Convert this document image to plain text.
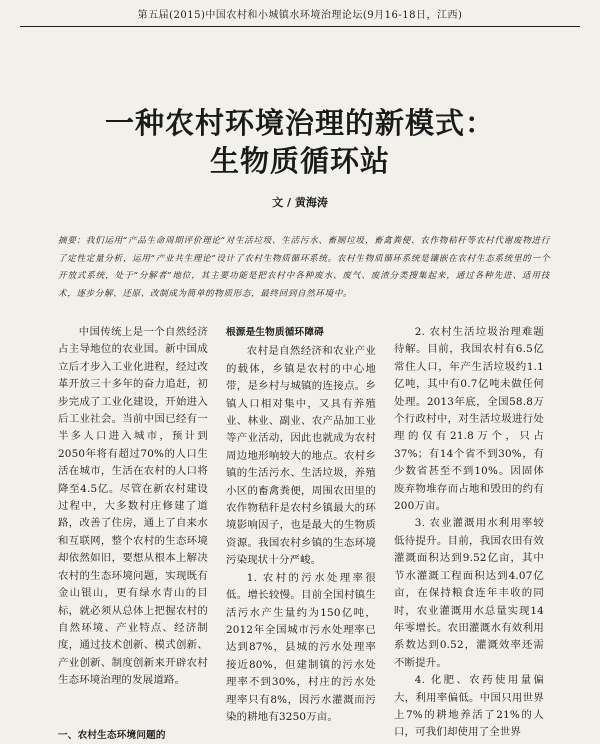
第五届(2015)中国农村和小城镇水环境治理论坛(9月16-18日，江西)
一种农村环境治理的新模式：
生物质循环站
文 / 黄海涛
摘要：我们运用“产品生命周期评价理论”对生活垃圾、生活污水、畜厕垃圾、畜禽粪便、农作物秸秆等农村代谢废物进行了定性定量分析，运用“产业共生理论”设计了农村生物质循环系统。农村生物质循环系统是镶嵌在农村生态系统里的一个开放式系统，处于“分解者”地位，其主要功能是把农村中各种废水、废气、废渣分类搜集起来，通过各种先进、适用技术，逐步分解、还原、改制成为简单的物质形态，最终回到自然环境中。

中国传统上是一个自然经济占主导地位的农业国。新中国成立后才步入工业化进程，经过改革开放三十多年的奋力追赶，初步完成了工业化建设，开始进入后工业社会。当前中国已经有一半多人口进入城市，预计到2050年将有超过70%的人口生活在城市，生活在农村的人口将降至4.5亿。尽管在新农村建设过程中，大多数村庄修建了道路，改善了住房，通上了自来水和互联网，整个农村的生态环境却依然如旧，要想从根本上解决农村的生态环境问题，实现既有金山银山，更有绿水青山的目标，就必须从总体上把握农村的自然环境、产业特点、经济制度，通过技术创新、模式创新、产业创新、制度创新来开辟农村生态环境治理的发展道路。

一、农村生态环境问题的
根源是生物质循环障碍

农村是自然经济和农业产业的载体，乡镇是农村的中心地带，是乡村与城镇的连接点。乡镇人口相对集中，又具有养殖业、林业、副业、农产品加工业等产业活动，因此也就成为农村周边地形响较大的地点。农村乡镇的生活污水、生活垃圾，养殖小区的畜禽粪便，周围农田里的农作物秸秆是农村乡镇最大的环境影响因子，也是最大的生物质资源。我国农村乡镇的生态环境污染现状十分严峻。

1. 农村的污水处理率很低。增长较慢。目前全国村镇生活污水产生量约为150亿吨，2012年全国城市污水处理率已达到87%，县城的污水处理率接近80%，但建制镇的污水处理率不到30%，村庄的污水处理率只有8%，因污水灌溉而污染的耕地有3250万亩。

2. 农村生活垃圾治理难题待解。目前，我国农村有6.5亿常住人口，年产生活垃圾约1.1亿吨，其中有0.7亿吨未做任何处理。2013年底，全国58.8万个行政村中，对生活垃圾进行处理的仅有21.8万个，只占37%；有14个省不到30%，有少数省甚至不到10%。因固体废弃物堆存而占地和毁田的约有200万亩。

3. 农业灌溉用水利用率较低待提升。目前，我国农田有效灌溉面积达到9.52亿亩，其中节水灌溉工程面积达到4.07亿亩，在保持粮食连年丰收的同时，农业灌溉用水总量实现14年零增长。农田灌溉水有效利用系数达到0.52，灌溉效率还需不断提升。

4. 化肥、农药使用量偏大，利用率偏低。中国只用世界上7%的耕地养活了21%的人口，可我们却使用了全世界
